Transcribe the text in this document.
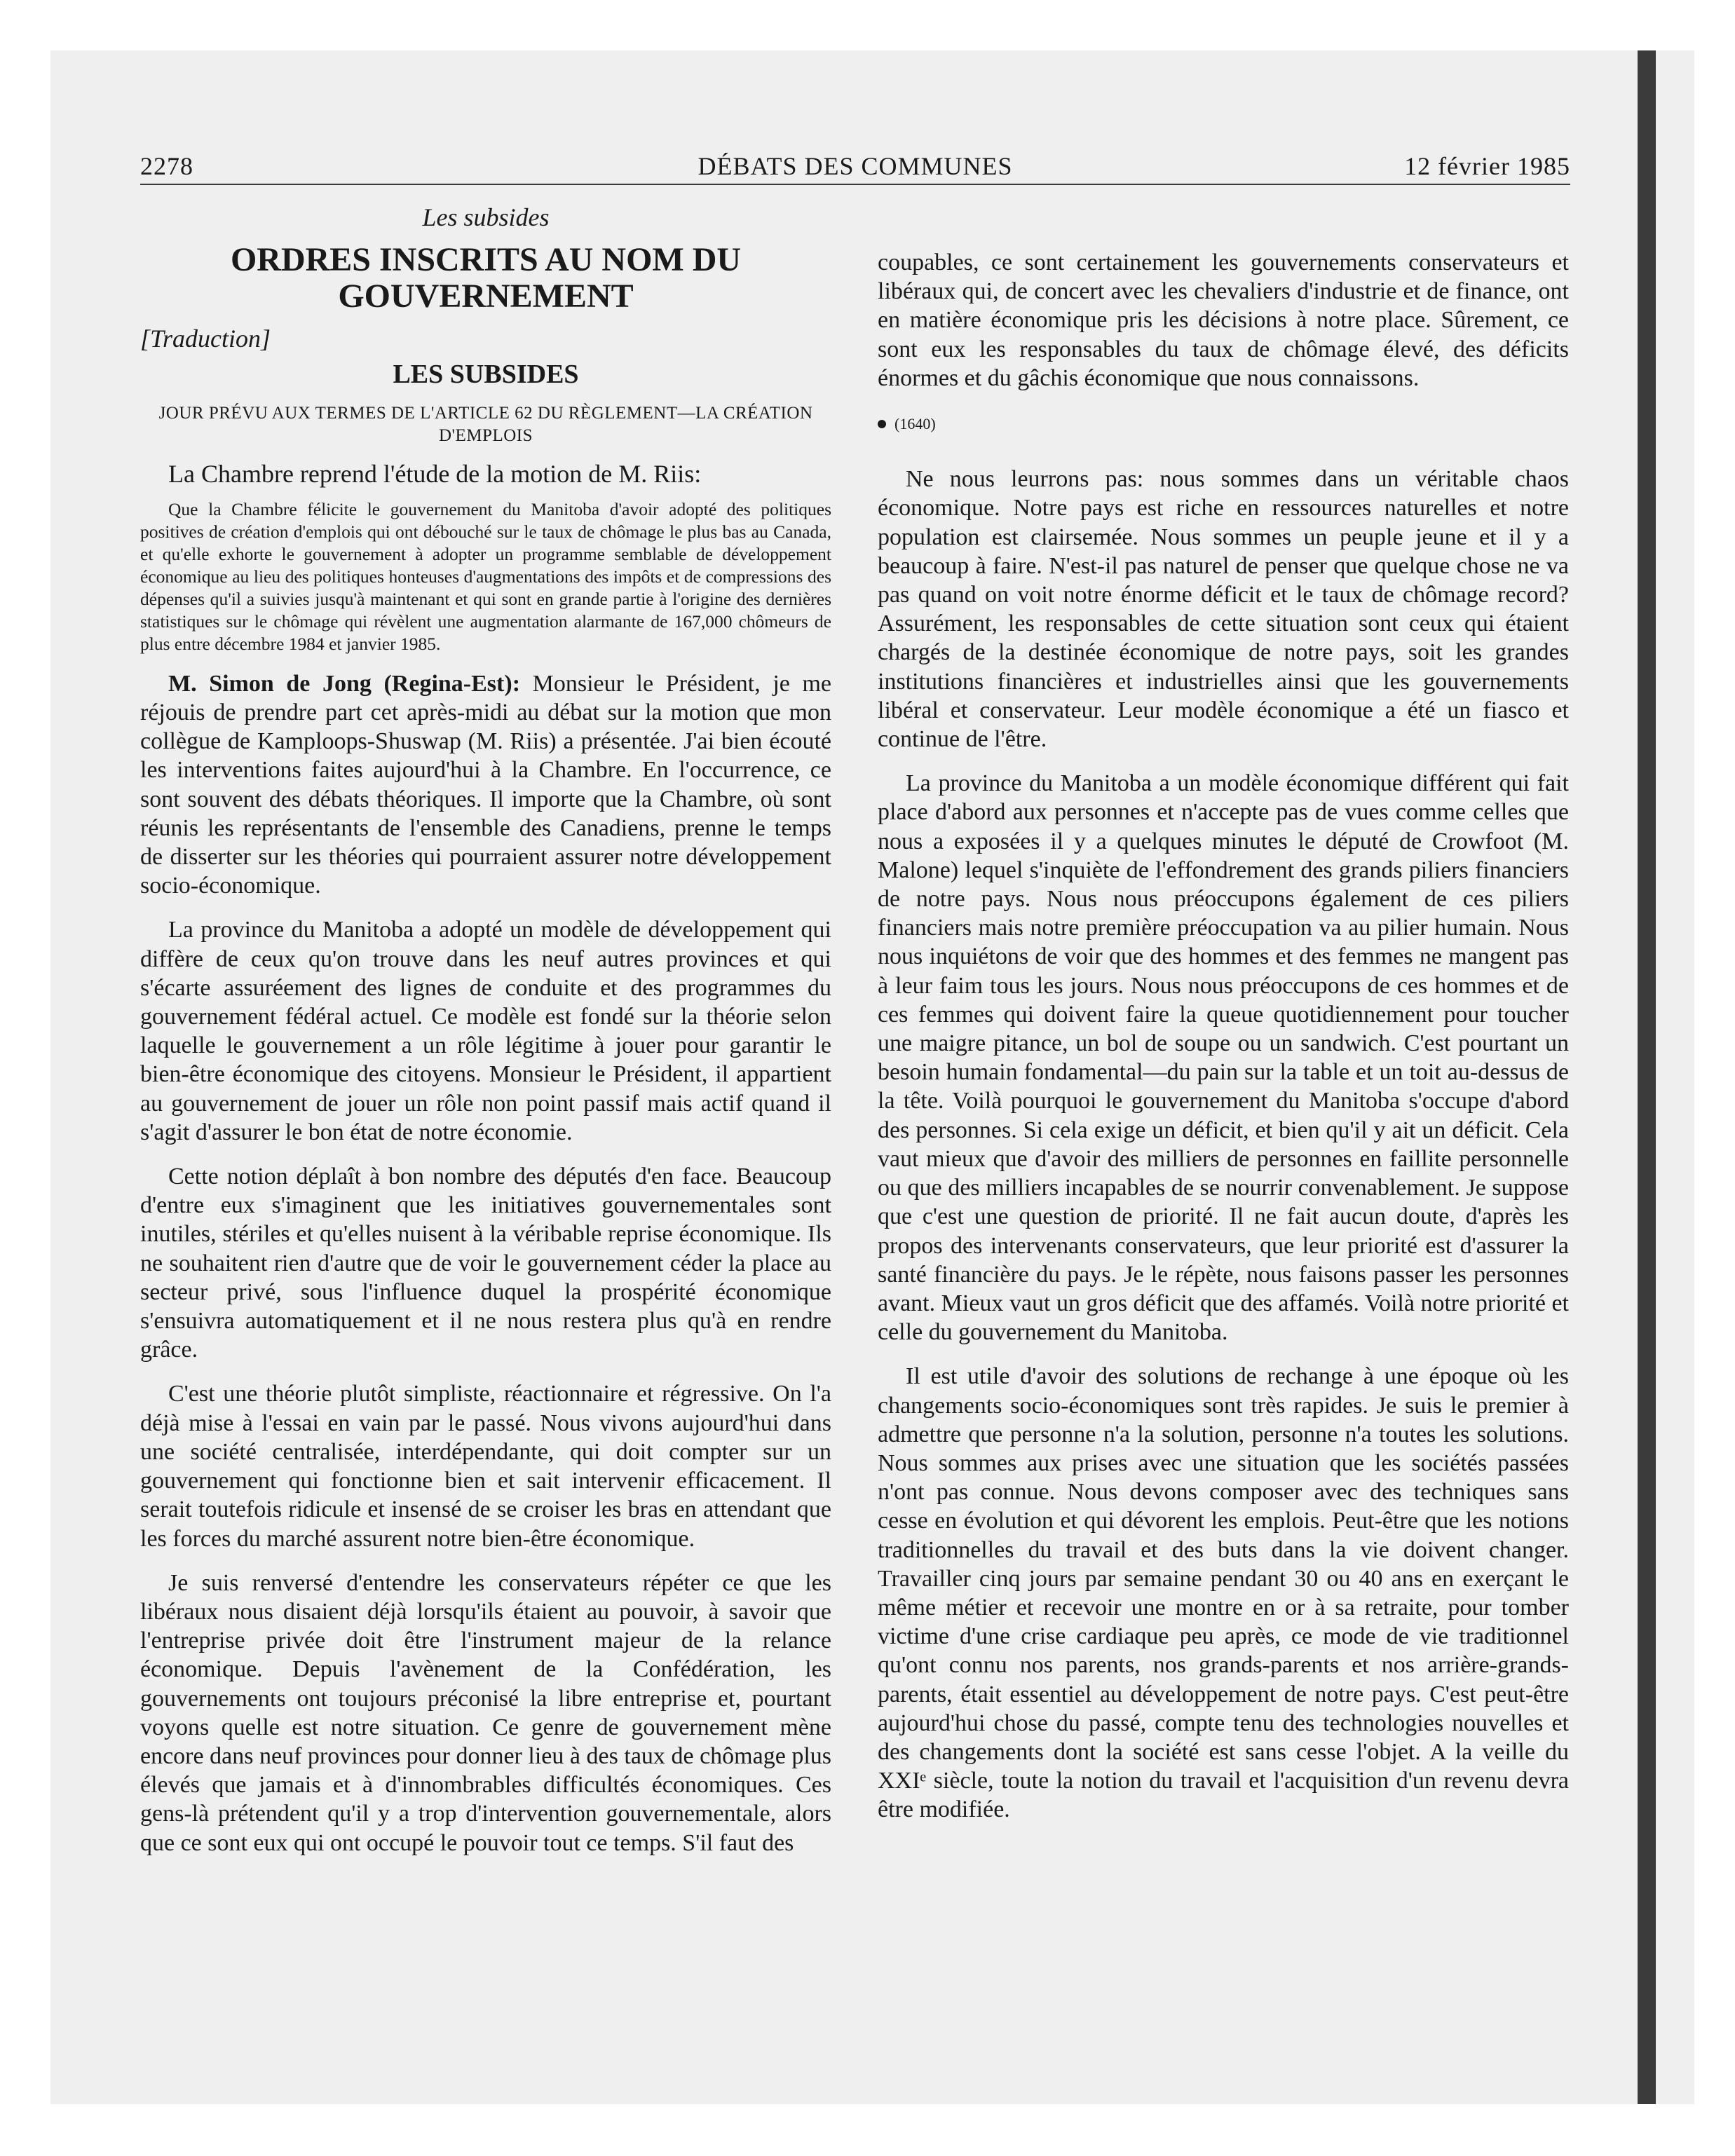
2278	DÉBATS DES COMMUNES	12 février 1985
Les subsides
ORDRES INSCRITS AU NOM DU GOUVERNEMENT
[Traduction]
LES SUBSIDES
JOUR PRÉVU AUX TERMES DE L'ARTICLE 62 DU RÈGLEMENT—LA CRÉATION D'EMPLOIS
La Chambre reprend l'étude de la motion de M. Riis:
Que la Chambre félicite le gouvernement du Manitoba d'avoir adopté des politiques positives de création d'emplois qui ont débouché sur le taux de chômage le plus bas au Canada, et qu'elle exhorte le gouvernement à adopter un programme semblable de développement économique au lieu des politiques honteuses d'augmentations des impôts et de compressions des dépenses qu'il a suivies jusqu'à maintenant et qui sont en grande partie à l'origine des dernières statistiques sur le chômage qui révèlent une augmentation alarmante de 167,000 chômeurs de plus entre décembre 1984 et janvier 1985.

M. Simon de Jong (Regina-Est): Monsieur le Président, je me réjouis de prendre part cet après-midi au débat sur la motion que mon collègue de Kamploops-Shuswap (M. Riis) a présentée. J'ai bien écouté les interventions faites aujourd'hui à la Chambre. En l'occurrence, ce sont souvent des débats théoriques. Il importe que la Chambre, où sont réunis les représentants de l'ensemble des Canadiens, prenne le temps de disserter sur les théories qui pourraient assurer notre développement socio-économique.

La province du Manitoba a adopté un modèle de développement qui diffère de ceux qu'on trouve dans les neuf autres provinces et qui s'écarte assuréement des lignes de conduite et des programmes du gouvernement fédéral actuel. Ce modèle est fondé sur la théorie selon laquelle le gouvernement a un rôle légitime à jouer pour garantir le bien-être économique des citoyens. Monsieur le Président, il appartient au gouvernement de jouer un rôle non point passif mais actif quand il s'agit d'assurer le bon état de notre économie.

Cette notion déplaît à bon nombre des députés d'en face. Beaucoup d'entre eux s'imaginent que les initiatives gouvernementales sont inutiles, stériles et qu'elles nuisent à la véribable reprise économique. Ils ne souhaitent rien d'autre que de voir le gouvernement céder la place au secteur privé, sous l'influence duquel la prospérité économique s'ensuivra automatiquement et il ne nous restera plus qu'à en rendre grâce.

C'est une théorie plutôt simpliste, réactionnaire et régressive. On l'a déjà mise à l'essai en vain par le passé. Nous vivons aujourd'hui dans une société centralisée, interdépendante, qui doit compter sur un gouvernement qui fonctionne bien et sait intervenir efficacement. Il serait toutefois ridicule et insensé de se croiser les bras en attendant que les forces du marché assurent notre bien-être économique.

Je suis renversé d'entendre les conservateurs répéter ce que les libéraux nous disaient déjà lorsqu'ils étaient au pouvoir, à savoir que l'entreprise privée doit être l'instrument majeur de la relance économique. Depuis l'avènement de la Confédération, les gouvernements ont toujours préconisé la libre entreprise et, pourtant voyons quelle est notre situation. Ce genre de gouvernement mène encore dans neuf provinces pour donner lieu à des taux de chômage plus élevés que jamais et à d'innombrables difficultés économiques. Ces gens-là prétendent qu'il y a trop d'intervention gouvernementale, alors que ce sont eux qui ont occupé le pouvoir tout ce temps. S'il faut des

coupables, ce sont certainement les gouvernements conservateurs et libéraux qui, de concert avec les chevaliers d'industrie et de finance, ont en matière économique pris les décisions à notre place. Sûrement, ce sont eux les responsables du taux de chômage élevé, des déficits énormes et du gâchis économique que nous connaissons.

(1640)

Ne nous leurrons pas: nous sommes dans un véritable chaos économique. Notre pays est riche en ressources naturelles et notre population est clairsemée. Nous sommes un peuple jeune et il y a beaucoup à faire. N'est-il pas naturel de penser que quelque chose ne va pas quand on voit notre énorme déficit et le taux de chômage record? Assurément, les responsables de cette situation sont ceux qui étaient chargés de la destinée économique de notre pays, soit les grandes institutions financières et industrielles ainsi que les gouvernements libéral et conservateur. Leur modèle économique a été un fiasco et continue de l'être.

La province du Manitoba a un modèle économique différent qui fait place d'abord aux personnes et n'accepte pas de vues comme celles que nous a exposées il y a quelques minutes le député de Crowfoot (M. Malone) lequel s'inquiète de l'effondrement des grands piliers financiers de notre pays. Nous nous préoccupons également de ces piliers financiers mais notre première préoccupation va au pilier humain. Nous nous inquiétons de voir que des hommes et des femmes ne mangent pas à leur faim tous les jours. Nous nous préoccupons de ces hommes et de ces femmes qui doivent faire la queue quotidiennement pour toucher une maigre pitance, un bol de soupe ou un sandwich. C'est pourtant un besoin humain fondamental—du pain sur la table et un toit au-dessus de la tête. Voilà pourquoi le gouvernement du Manitoba s'occupe d'abord des personnes. Si cela exige un déficit, et bien qu'il y ait un déficit. Cela vaut mieux que d'avoir des milliers de personnes en faillite personnelle ou que des milliers incapables de se nourrir convenablement. Je suppose que c'est une question de priorité. Il ne fait aucun doute, d'après les propos des intervenants conservateurs, que leur priorité est d'assurer la santé financière du pays. Je le répète, nous faisons passer les personnes avant. Mieux vaut un gros déficit que des affamés. Voilà notre priorité et celle du gouvernement du Manitoba.

Il est utile d'avoir des solutions de rechange à une époque où les changements socio-économiques sont très rapides. Je suis le premier à admettre que personne n'a la solution, personne n'a toutes les solutions. Nous sommes aux prises avec une situation que les sociétés passées n'ont pas connue. Nous devons composer avec des techniques sans cesse en évolution et qui dévorent les emplois. Peut-être que les notions traditionnelles du travail et des buts dans la vie doivent changer. Travailler cinq jours par semaine pendant 30 ou 40 ans en exerçant le même métier et recevoir une montre en or à sa retraite, pour tomber victime d'une crise cardiaque peu après, ce mode de vie traditionnel qu'ont connu nos parents, nos grands-parents et nos arrière-grands-parents, était essentiel au développement de notre pays. C'est peut-être aujourd'hui chose du passé, compte tenu des technologies nouvelles et des changements dont la société est sans cesse l'objet. A la veille du XXIᵉ siècle, toute la notion du travail et l'acquisition d'un revenu devra être modifiée.
